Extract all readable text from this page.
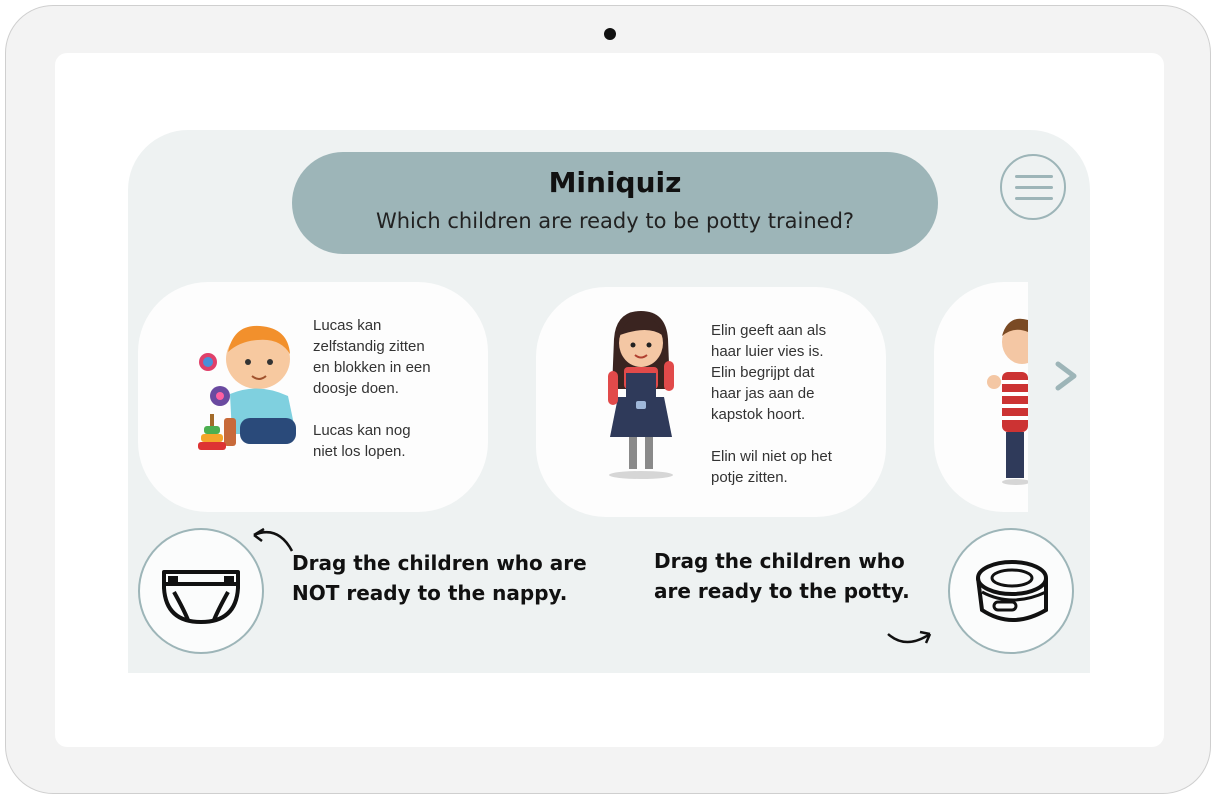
Miniquiz
Which children are ready to be potty trained?
Lucas kan
zelfstandig zitten
en blokken in een
doosje doen.

Lucas kan nog
niet los lopen.
Elin geeft aan als
haar luier vies is.
Elin begrijpt dat
haar jas aan de
kapstok hoort.

Elin wil niet op het
potje zitten.
Drag the children who are
NOT ready to the nappy.
Drag the children who
are ready to the potty.
